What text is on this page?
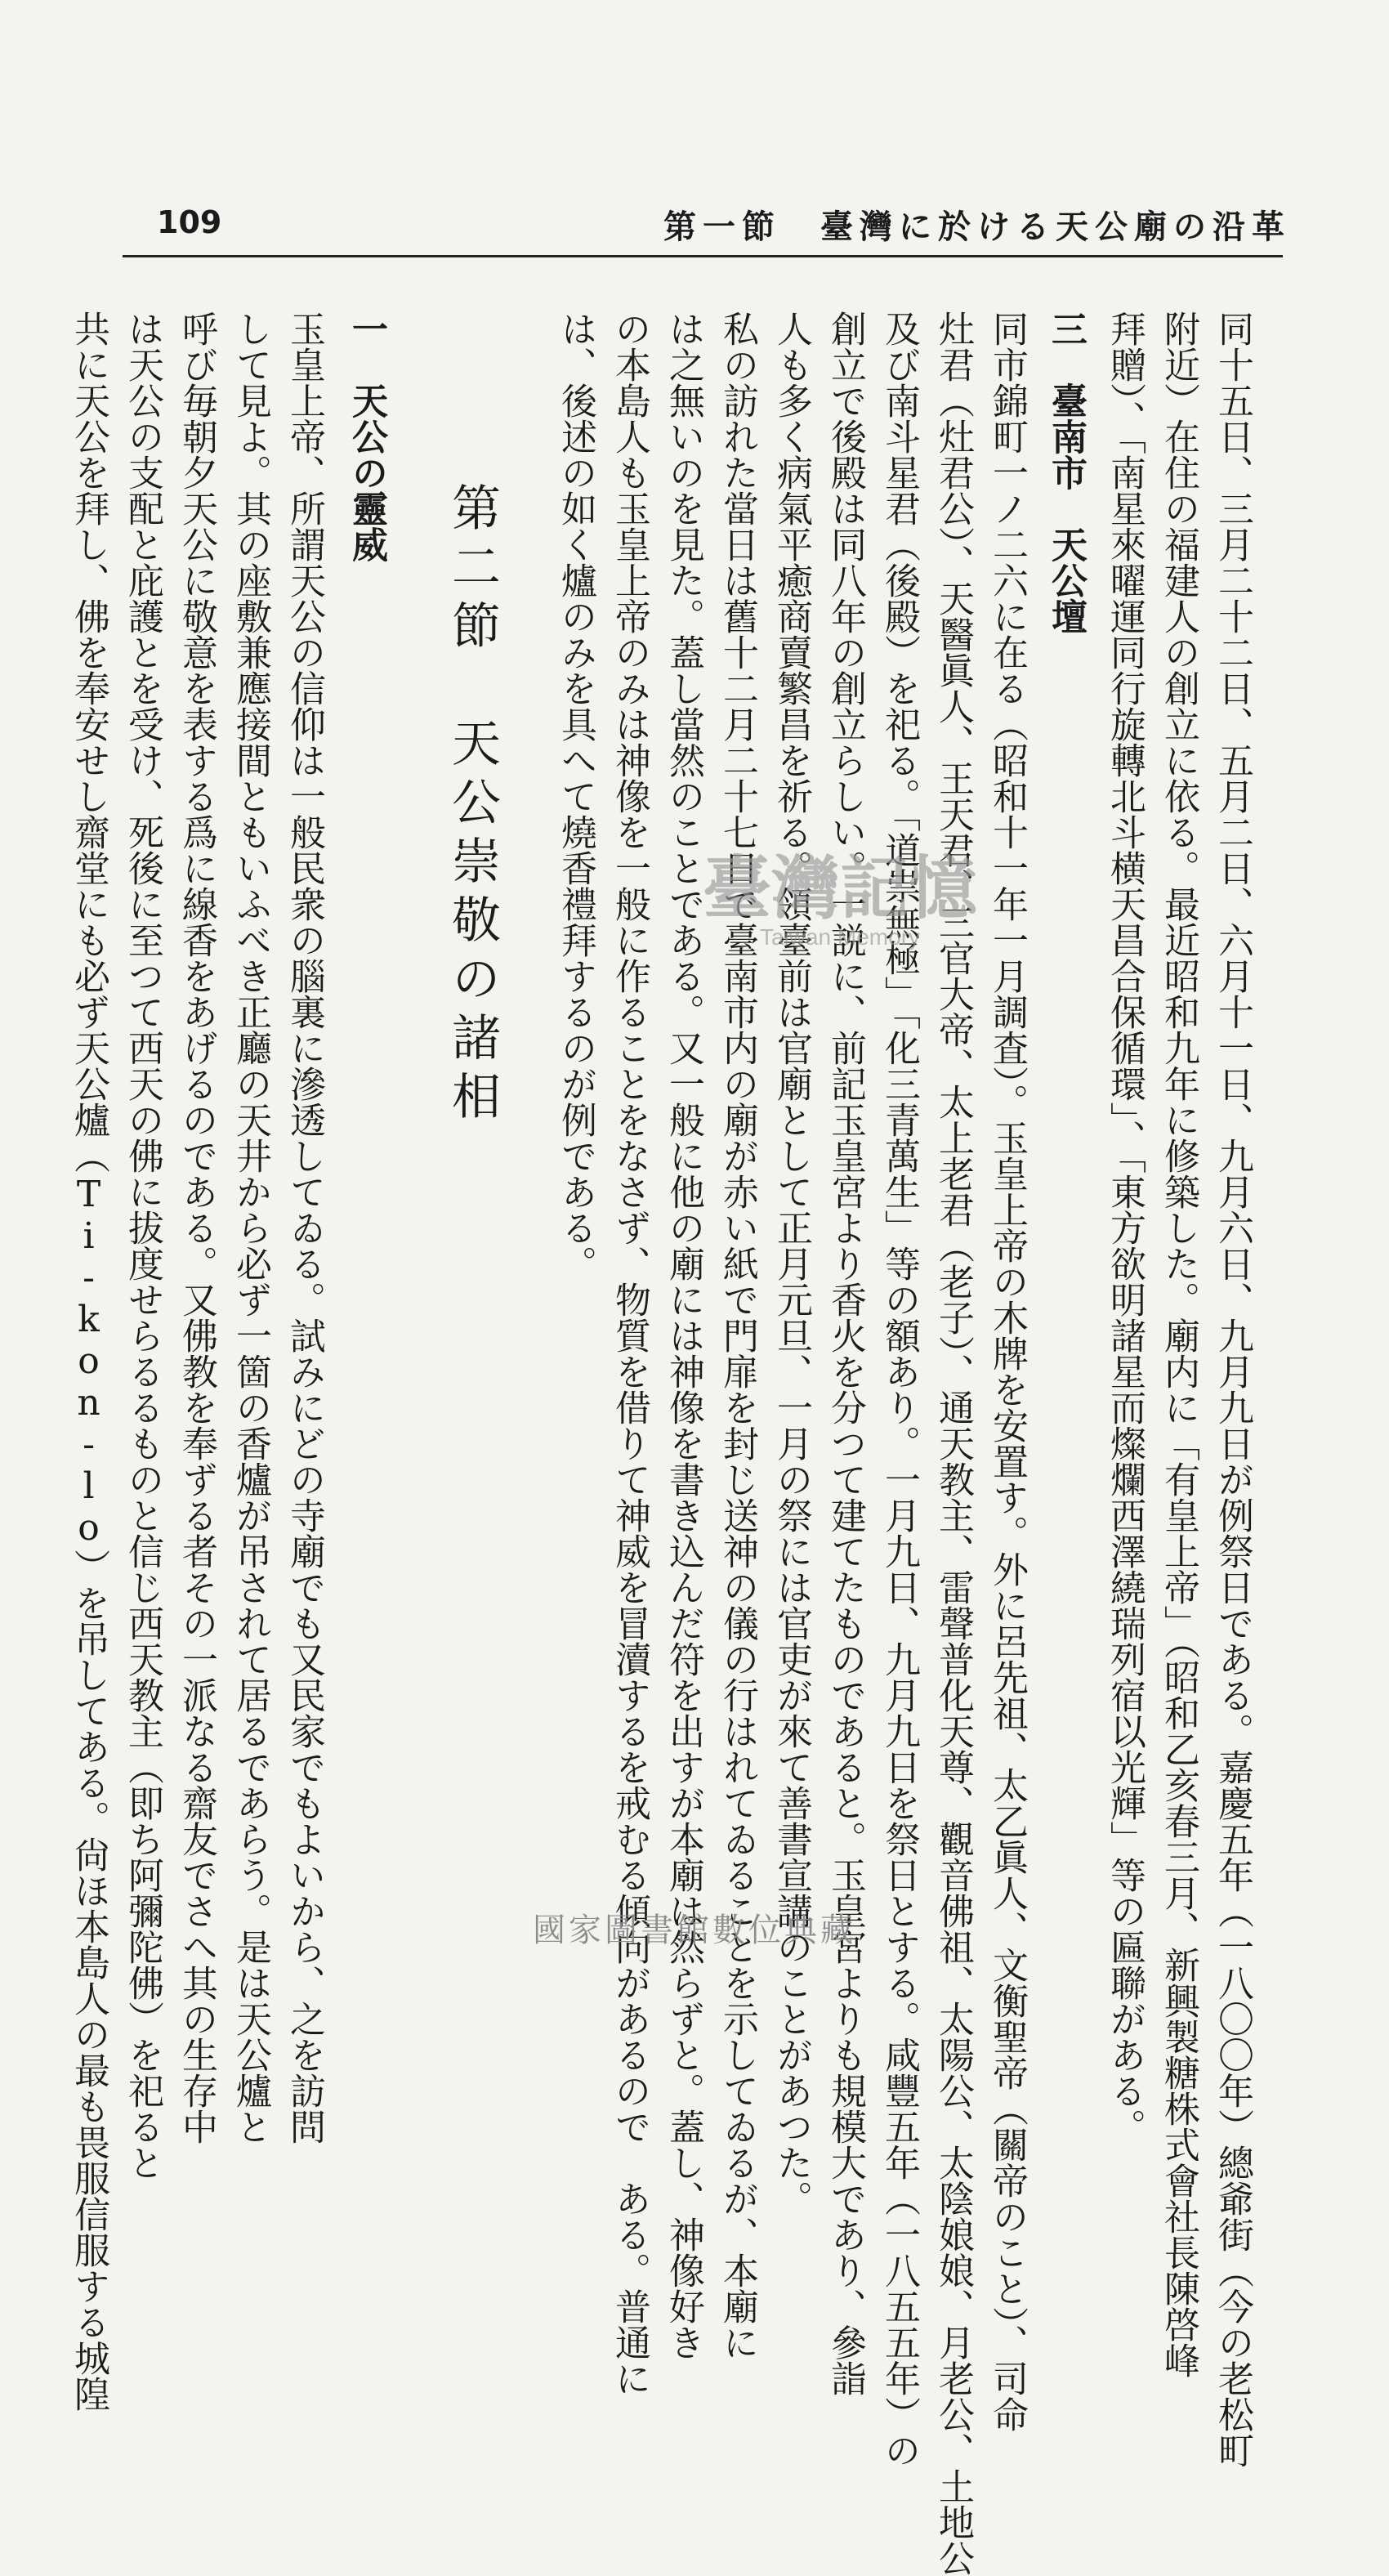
109	第一節　臺灣に於ける天公廟の沿革
同十五日、三月二十二日、五月二日、六月十一日、九月六日、九月九日が例祭日である。嘉慶五年（一八〇〇年）總爺街（今の老松町
附近）在住の福建人の創立に依る。最近昭和九年に修築した。廟内に「有皇上帝」（昭和乙亥春三月、新興製糖株式會社長陳啓峰
拜贈）、「南星來曜運同行旋轉北斗横天昌合保循環」、「東方欲明諸星而燦爛西澤繞瑞列宿以光輝」等の匾聯がある。
三　臺南市　天公壇
同市錦町一ノ二六に在る（昭和十一年一月調査）。玉皇上帝の木牌を安置す。外に呂先祖、太乙眞人、文衡聖帝（關帝のこと）、司命
灶君（灶君公）、天醫眞人、王天君、三官大帝、太上老君（老子）、通天教主、雷聲普化天尊、觀音佛祖、太陽公、太陰娘娘、月老公、土地公
及び南斗星君（後殿）を祀る。「道祟無極」「化三青萬生」等の額あり。一月九日、九月九日を祭日とする。咸豐五年（一八五五年）の
創立で後殿は同八年の創立らしい。一説に、前記玉皇宮より香火を分つて建てたものであると。玉皇宮よりも規模大であり、參詣
人も多く病氣平癒商賣繁昌を祈る。領臺前は官廟として正月元旦、一月の祭には官吏が來て善書宣講のことがあつた。
私の訪れた當日は舊十二月二十七日で臺南市内の廟が赤い紙で門扉を封じ送神の儀の行はれてゐることを示してゐるが、本廟に
は之無いのを見た。蓋し當然のことである。又一般に他の廟には神像を書き込んだ符を出すが本廟は然らずと。蓋し、神像好き
の本島人も玉皇上帝のみは神像を一般に作ることをなさず、物質を借りて神威を冒瀆するを戒むる傾向があるので　ある。普通に
は、後述の如く爐のみを具へて燒香禮拜するのが例である。
第二節　天公崇敬の諸相
一　天公の靈威
玉皇上帝、所謂天公の信仰は一般民衆の腦裏に滲透してゐる。試みにどの寺廟でも又民家でもよいから、之を訪問
して見よ。其の座敷兼應接間ともいふべき正廳の天井から必ず一箇の香爐が吊されて居るであらう。是は天公爐と
呼び毎朝夕天公に敬意を表する爲に線香をあげるのである。又佛教を奉ずる者その一派なる齋友でさへ其の生存中
は天公の支配と庇護とを受け、死後に至つて西天の佛に拔度せらるるものと信じ西天教主（即ち阿彌陀佛）を祀ると
共に天公を拜し、佛を奉安せし齋堂にも必ず天公爐（Ti-kon-lo）を吊してある。尙ほ本島人の最も畏服信服する城隍	臺灣記憶
Taiwan Memory
國家圖書館數位典藏
